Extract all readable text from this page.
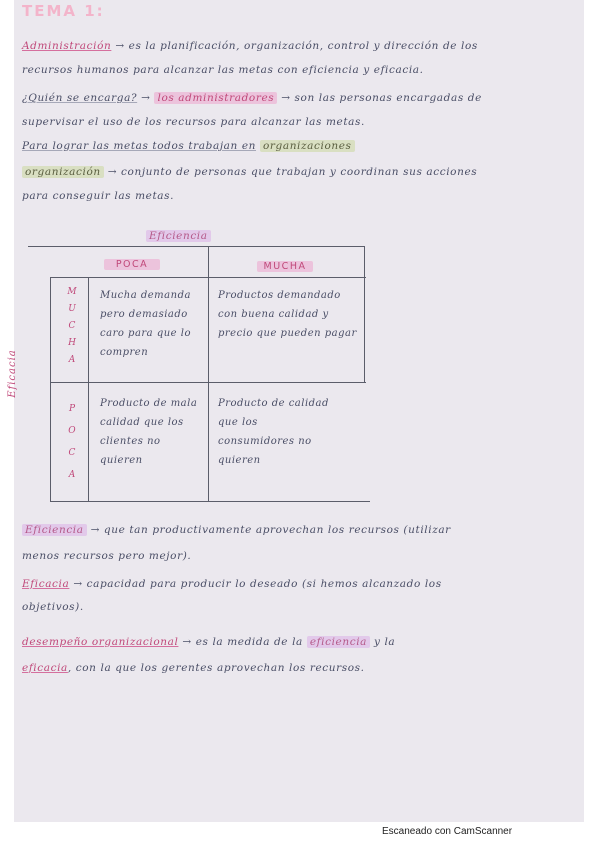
TEMA 1:
Administración → es la planificación, organización, control y dirección de los
recursos humanos para alcanzar las metas con eficiencia y eficacia.
¿Quién se encarga? → los administradores → son las personas encargadas de
supervisar el uso de los recursos para alcanzar las metas.
Para lograr las metas todos trabajan en organizaciones
organización → conjunto de personas que trabajan y coordinan sus acciones
para conseguir las metas.
Eficiencia
POCA	MUCHA
Eficacia
M
U
C
H
A
P
O
C
A
Mucha demanda pero demasiado caro para que lo compren
Productos demandado con buena calidad y precio que pueden pagar
Producto de mala calidad que los clientes no quieren
Producto de calidad que los consumidores no quieren
Eficiencia → que tan productivamente aprovechan los recursos (utilizar
menos recursos pero mejor).
Eficacia → capacidad para producir lo deseado (si hemos alcanzado los
objetivos).
desempeño organizacional → es la medida de la eficiencia y la
eficacia, con la que los gerentes aprovechan los recursos.
Escaneado con CamScanner
